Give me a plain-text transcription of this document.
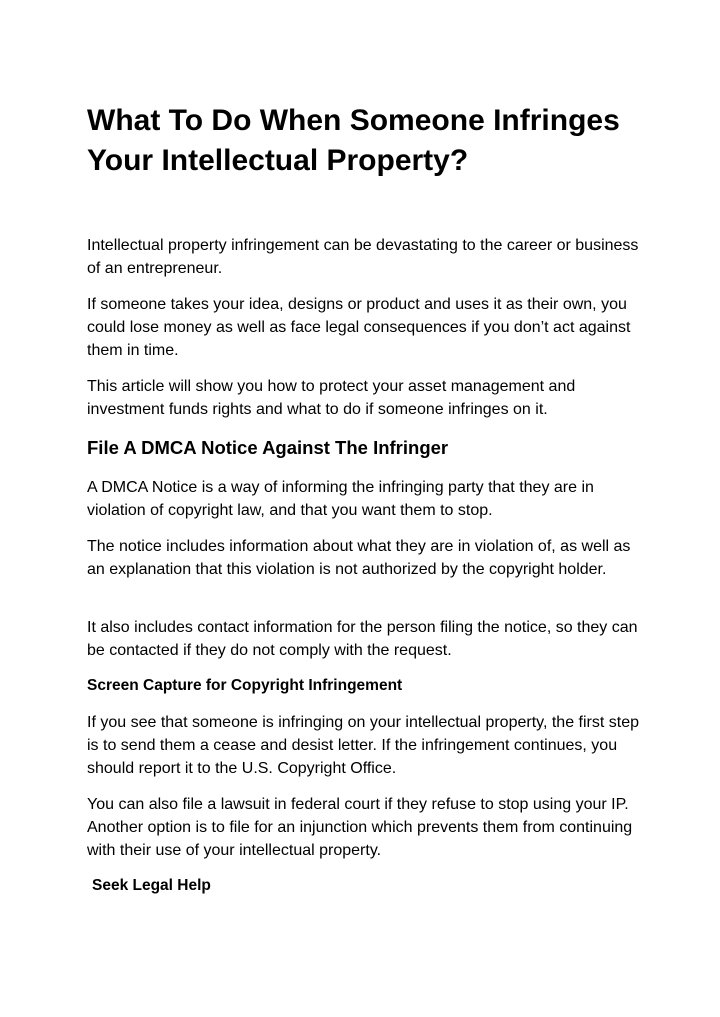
What To Do When Someone Infringes Your Intellectual Property?

Intellectual property infringement can be devastating to the career or business of an entrepreneur.

If someone takes your idea, designs or product and uses it as their own, you could lose money as well as face legal consequences if you don’t act against them in time.

This article will show you how to protect your asset management and investment funds rights and what to do if someone infringes on it.

File A DMCA Notice Against The Infringer

A DMCA Notice is a way of informing the infringing party that they are in violation of copyright law, and that you want them to stop.

The notice includes information about what they are in violation of, as well as an explanation that this violation is not authorized by the copyright holder.

It also includes contact information for the person filing the notice, so they can be contacted if they do not comply with the request.

Screen Capture for Copyright Infringement

If you see that someone is infringing on your intellectual property, the first step is to send them a cease and desist letter. If the infringement continues, you should report it to the U.S. Copyright Office.

You can also file a lawsuit in federal court if they refuse to stop using your IP. Another option is to file for an injunction which prevents them from continuing with their use of your intellectual property.

Seek Legal Help
